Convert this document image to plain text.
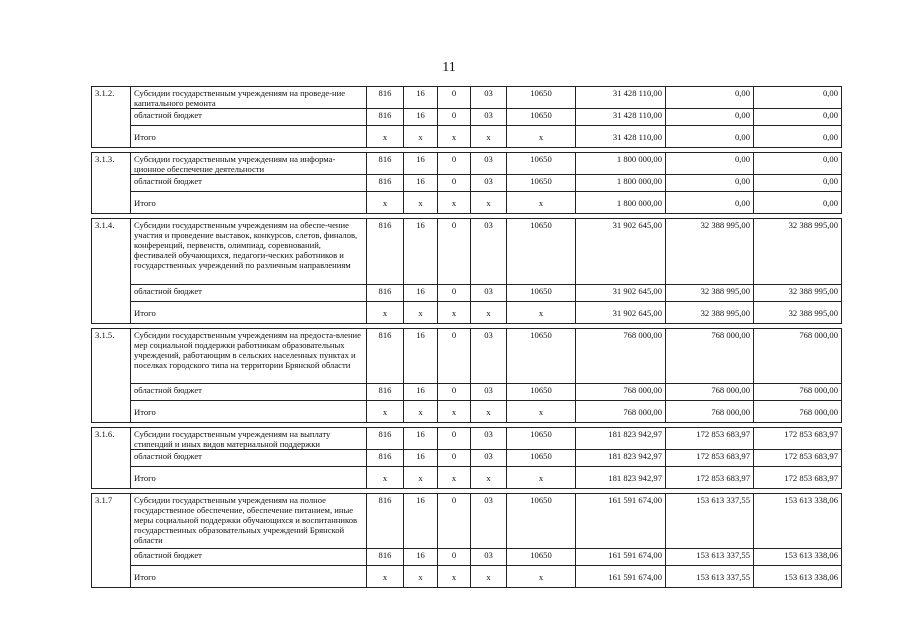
11
3.1.2.	Субсидии государственным учреждениям на проведе-ние капитального ремонта	816	16	0	03	10650	31 428 110,00	0,00	0,00
	областной бюджет	816	16	0	03	10650	31 428 110,00	0,00	0,00
	Итого	x	x	x	x	x	31 428 110,00	0,00	0,00

3.1.3.	Субсидии государственным учреждениям на информа-ционное обеспечение деятельности	816	16	0	03	10650	1 800 000,00	0,00	0,00
	областной бюджет	816	16	0	03	10650	1 800 000,00	0,00	0,00
	Итого	x	x	x	x	x	1 800 000,00	0,00	0,00

3.1.4.	Субсидии государственным учреждениям на обеспе-чение участия и проведение выставок, конкурсов, слетов, финалов, конференций, первенств, олимпиад, соревнований, фестивалей обучающихся, педагоги-ческих работников и государственных учреждений по различным направлениям	816	16	0	03	10650	31 902 645,00	32 388 995,00	32 388 995,00
	областной бюджет	816	16	0	03	10650	31 902 645,00	32 388 995,00	32 388 995,00
	Итого	x	x	x	x	x	31 902 645,00	32 388 995,00	32 388 995,00

3.1.5.	Субсидии государственным учреждениям на предоста-вление мер социальной поддержки работникам образовательных учреждений, работающим в сельских населенных пунктах и поселках городского типа на территории Брянской области	816	16	0	03	10650	768 000,00	768 000,00	768 000,00
	областной бюджет	816	16	0	03	10650	768 000,00	768 000,00	768 000,00
	Итого	x	x	x	x	x	768 000,00	768 000,00	768 000,00

3.1.6.	Субсидии государственным учреждениям на выплату стипендий и иных видов материальной поддержки	816	16	0	03	10650	181 823 942,97	172 853 683,97	172 853 683,97
	областной бюджет	816	16	0	03	10650	181 823 942,97	172 853 683,97	172 853 683,97
	Итого	x	x	x	x	x	181 823 942,97	172 853 683,97	172 853 683,97

3.1.7	Субсидии государственным учреждениям на полное государственное обеспечение, обеспечение питанием, иные меры социальной поддержки обучающихся и воспитанников государственных образовательных учреждений Брянской области	816	16	0	03	10650	161 591 674,00	153 613 337,55	153 613 338,06
	областной бюджет	816	16	0	03	10650	161 591 674,00	153 613 337,55	153 613 338,06
	Итого	x	x	x	x	x	161 591 674,00	153 613 337,55	153 613 338,06
